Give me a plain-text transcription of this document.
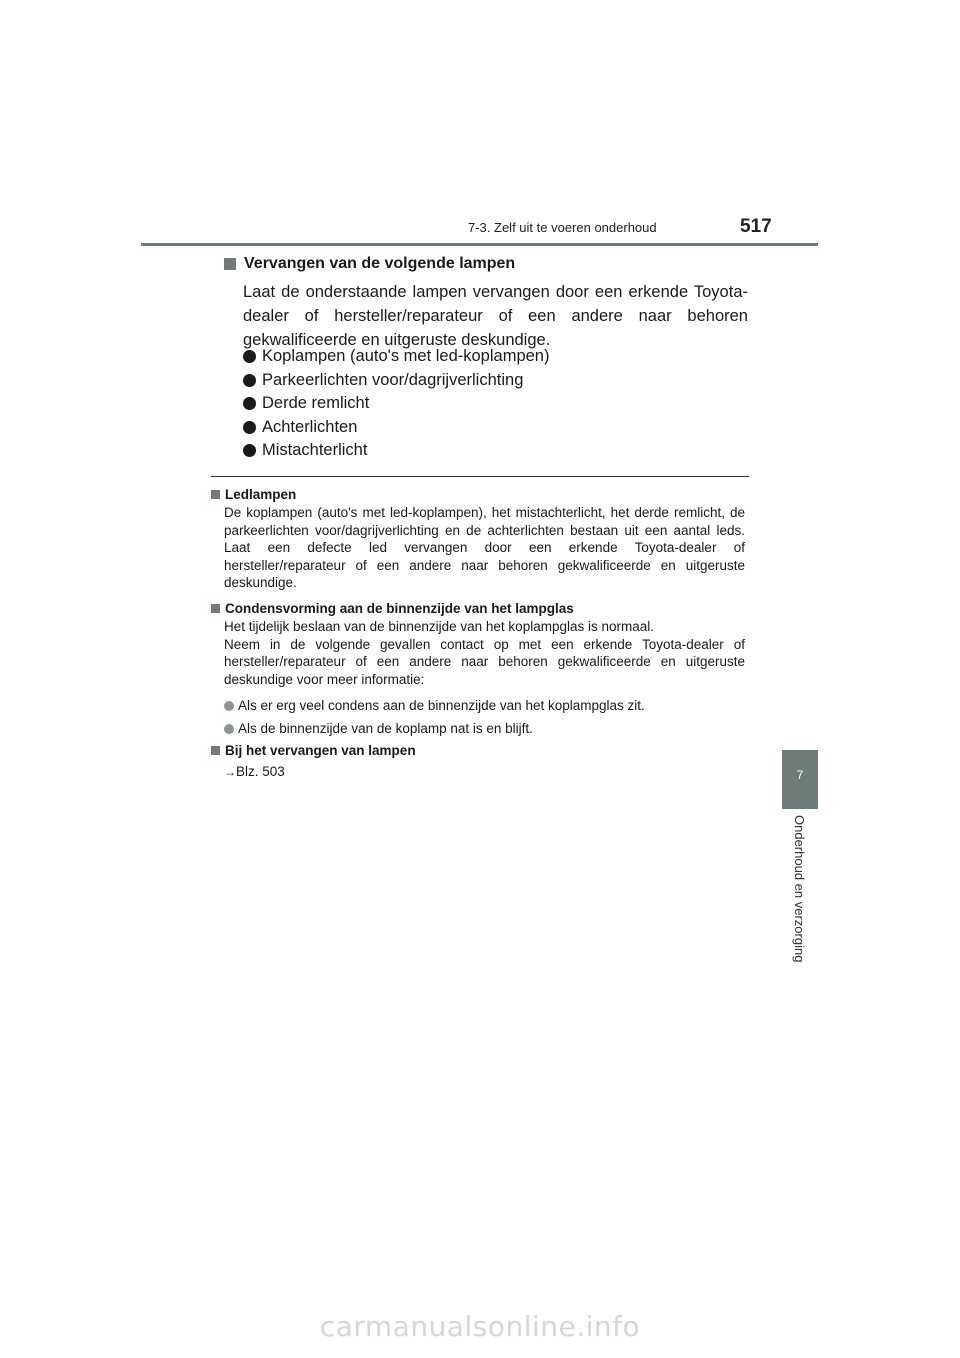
7-3. Zelf uit te voeren onderhoud	517
7
Onderhoud en verzorging
Vervangen van de volgende lampen
Laat de onderstaande lampen vervangen door een erkende Toyota-dealer of hersteller/reparateur of een andere naar behoren gekwalificeerde en uitgeruste deskundige.
Koplampen (auto's met led-koplampen)
Parkeerlichten voor/dagrijverlichting
Derde remlicht
Achterlichten
Mistachterlicht
Ledlampen
De koplampen (auto's met led-koplampen), het mistachterlicht, het derde remlicht, de parkeerlichten voor/dagrijverlichting en de achterlichten bestaan uit een aantal leds. Laat een defecte led vervangen door een erkende Toyota-dealer of hersteller/reparateur of een andere naar behoren gekwalificeerde en uitgeruste deskundige.
Condensvorming aan de binnenzijde van het lampglas

Het tijdelijk beslaan van de binnenzijde van het koplampglas is normaal.

Neem in de volgende gevallen contact op met een erkende Toyota-dealer of hersteller/reparateur of een andere naar behoren gekwalificeerde en uitgeruste deskundige voor meer informatie:

Als er erg veel condens aan de binnenzijde van het koplampglas zit.
Als de binnenzijde van de koplamp nat is en blijft.
Bij het vervangen van lampen
→Blz. 503
carmanualsonline.info
